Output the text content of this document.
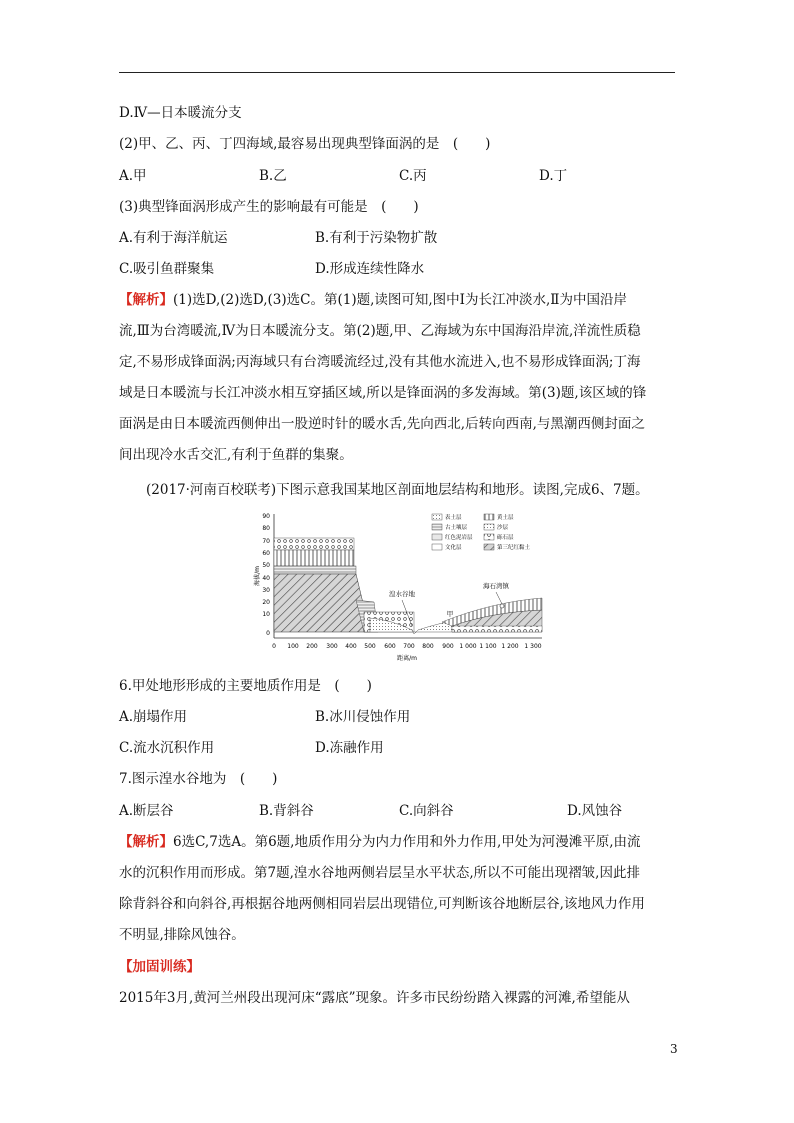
D.Ⅳ—日本暖流分支
(2)甲、乙、丙、丁四海域,最容易出现典型锋面涡的是　(　　)
A.甲	B.乙	C.丙	D.丁
(3)典型锋面涡形成产生的影响最有可能是　(　　)
A.有利于海洋航运	B.有利于污染物扩散
C.吸引鱼群聚集	D.形成连续性降水
【解析】(1)选D,(2)选D,(3)选C。第(1)题,读图可知,图中Ⅰ为长江冲淡水,Ⅱ为中国沿岸
流,Ⅲ为台湾暖流,Ⅳ为日本暖流分支。第(2)题,甲、乙海域为东中国海沿岸流,洋流性质稳
定,不易形成锋面涡;丙海域只有台湾暖流经过,没有其他水流进入,也不易形成锋面涡;丁海
域是日本暖流与长江冲淡水相互穿插区域,所以是锋面涡的多发海域。第(3)题,该区域的锋
面涡是由日本暖流西侧伸出一股逆时针的暖水舌,先向西北,后转向西南,与黑潮西侧封面之
间出现冷水舌交汇,有利于鱼群的集聚。
(2017·河南百校联考)下图示意我国某地区剖面地层结构和地形。读图,完成6、7题。
90
80
70
60
50
40
30
20
10
0
海拔/m
0 100 200 300 400 500 600 700 800 900 1 000 1 100 1 200 1 300
距离/m
湟水谷地
海石湾镇
甲
表土层	黄土层
古土壤层	沙层
红色泥岩层	砾石层
文化层	第三纪红黏土
6.甲处地形形成的主要地质作用是　(　　)
A.崩塌作用	B.冰川侵蚀作用
C.流水沉积作用	D.冻融作用
7.图示湟水谷地为　(　　)
A.断层谷	B.背斜谷	C.向斜谷	D.风蚀谷
【解析】6选C,7选A。第6题,地质作用分为内力作用和外力作用,甲处为河漫滩平原,由流
水的沉积作用而形成。第7题,湟水谷地两侧岩层呈水平状态,所以不可能出现褶皱,因此排
除背斜谷和向斜谷,再根据谷地两侧相同岩层出现错位,可判断该谷地断层谷,该地风力作用
不明显,排除风蚀谷。
【加固训练】
2015年3月,黄河兰州段出现河床“露底”现象。许多市民纷纷踏入裸露的河滩,希望能从
3
